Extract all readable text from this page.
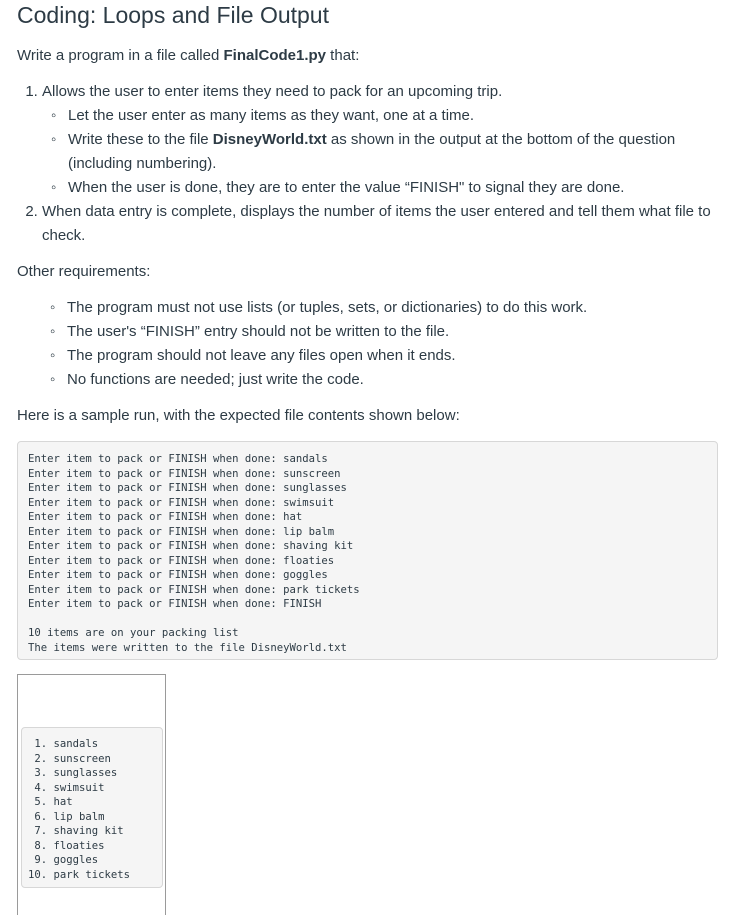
Coding: Loops and File Output

Write a program in a file called FinalCode1.py that:

1. Allows the user to enter items they need to pack for an upcoming trip.
◦ Let the user enter as many items as they want, one at a time.
◦ Write these to the file DisneyWorld.txt as shown in the output at the bottom of the question (including numbering).
◦ When the user is done, they are to enter the value “FINISH" to signal they are done.
2. When data entry is complete, displays the number of items the user entered and tell them what file to check.

Other requirements:

◦ The program must not use lists (or tuples, sets, or dictionaries) to do this work.
◦ The user's “FINISH” entry should not be written to the file.
◦ The program should not leave any files open when it ends.
◦ No functions are needed; just write the code.

Here is a sample run, with the expected file contents shown below:

Enter item to pack or FINISH when done: sandals
Enter item to pack or FINISH when done: sunscreen
Enter item to pack or FINISH when done: sunglasses
Enter item to pack or FINISH when done: swimsuit
Enter item to pack or FINISH when done: hat
Enter item to pack or FINISH when done: lip balm
Enter item to pack or FINISH when done: shaving kit
Enter item to pack or FINISH when done: floaties
Enter item to pack or FINISH when done: goggles
Enter item to pack or FINISH when done: park tickets
Enter item to pack or FINISH when done: FINISH
10 items are on your packing list
The items were written to the file DisneyWorld.txt
1. sandals
2. sunscreen
3. sunglasses
4. swimsuit
5. hat
6. lip balm
7. shaving kit
8. floaties
9. goggles
10. park tickets
